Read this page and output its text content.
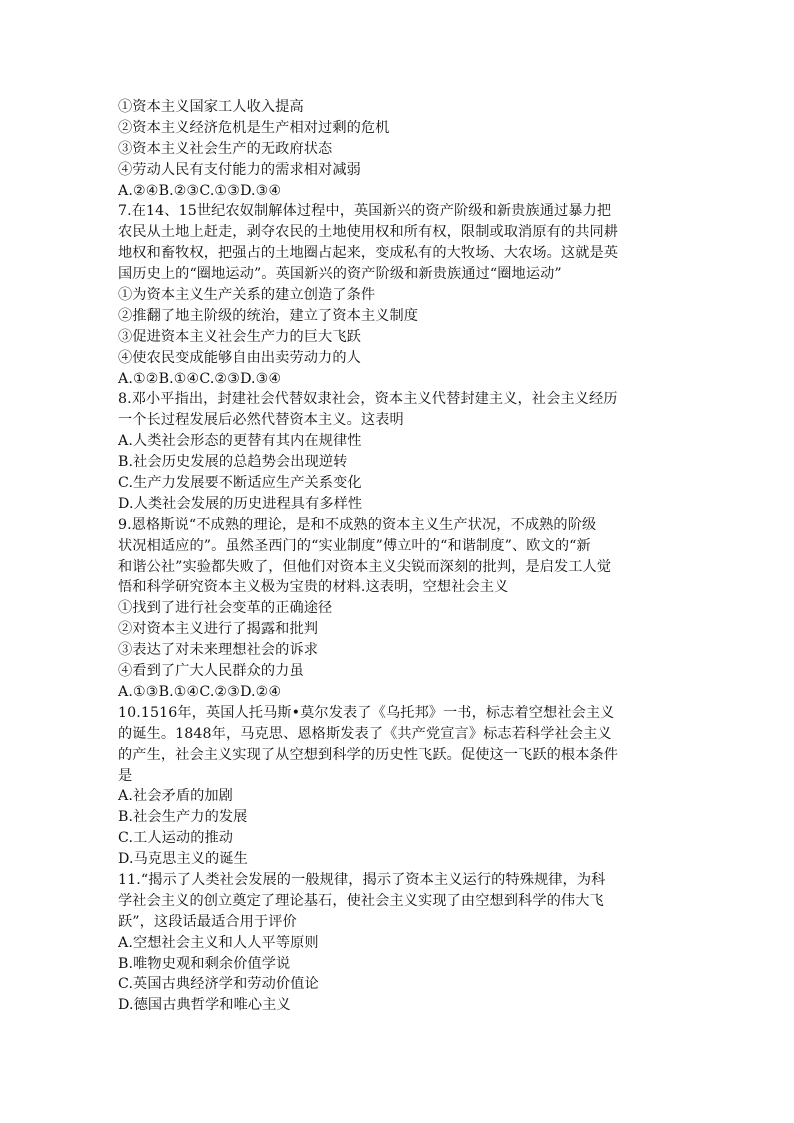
①资本主义国家工人收入提高
②资本主义经济危机是生产相对过剩的危机
③资本主义社会生产的无政府状态
④劳动人民有支付能力的需求相对减弱
A.②④B.②③C.①③D.③④
7.在14、15世纪农奴制解体过程中，英国新兴的资产阶级和新贵族通过暴力把
农民从土地上赶走，剥夺农民的土地使用权和所有权，限制或取消原有的共同耕
地权和畜牧权，把强占的土地圈占起来，变成私有的大牧场、大农场。这就是英
国历史上的“圈地运动”。英国新兴的资产阶级和新贵族通过“圈地运动”
①为资本主义生产关系的建立创造了条件
②推翻了地主阶级的统治，建立了资本主义制度
③促进资本主义社会生产力的巨大飞跃
④使农民变成能够自由出卖劳动力的人
A.①②B.①④C.②③D.③④
8.邓小平指出，封建社会代替奴隶社会，资本主义代替封建主义，社会主义经历
一个长过程发展后必然代替资本主义。这表明
A.人类社会形态的更替有其内在规律性
B.社会历史发展的总趋势会出现逆转
C.生产力发展要不断适应生产关系变化
D.人类社会发展的历史进程具有多样性
9.恩格斯说“不成熟的理论，是和不成熟的资本主义生产状况，不成熟的阶级
状况相适应的”。虽然圣西门的“实业制度”傅立叶的“和谐制度”、欧文的“新
和谐公社”实验都失败了，但他们对资本主义尖锐而深刻的批判，是启发工人觉
悟和科学研究资本主义极为宝贵的材料.这表明，空想社会主义
①找到了进行社会变革的正确途径
②对资本主义进行了揭露和批判
③表达了对未来理想社会的诉求
④看到了广大人民群众的力虽
A.①③B.①④C.②③D.②④
10.1516年，英国人托马斯•莫尔发表了《乌托邦》一书，标志着空想社会主义
的诞生。1848年，马克思、恩格斯发表了《共产党宣言》标志若科学社会主义
的产生，社会主义实现了从空想到科学的历史性飞跃。促使这一飞跃的根本条件
是
A.社会矛盾的加剧
B.社会生产力的发展
C.工人运动的推动
D.马克思主义的诞生
11.“揭示了人类社会发展的一般规律，揭示了资本主义运行的特殊规律，为科
学社会主义的创立奠定了理论基石，使社会主义实现了由空想到科学的伟大飞
跃”，这段话最适合用于评价
A.空想社会主义和人人平等原则
B.唯物史观和剩余价值学说
C.英国古典经济学和劳动价值论
D.德国古典哲学和唯心主义
